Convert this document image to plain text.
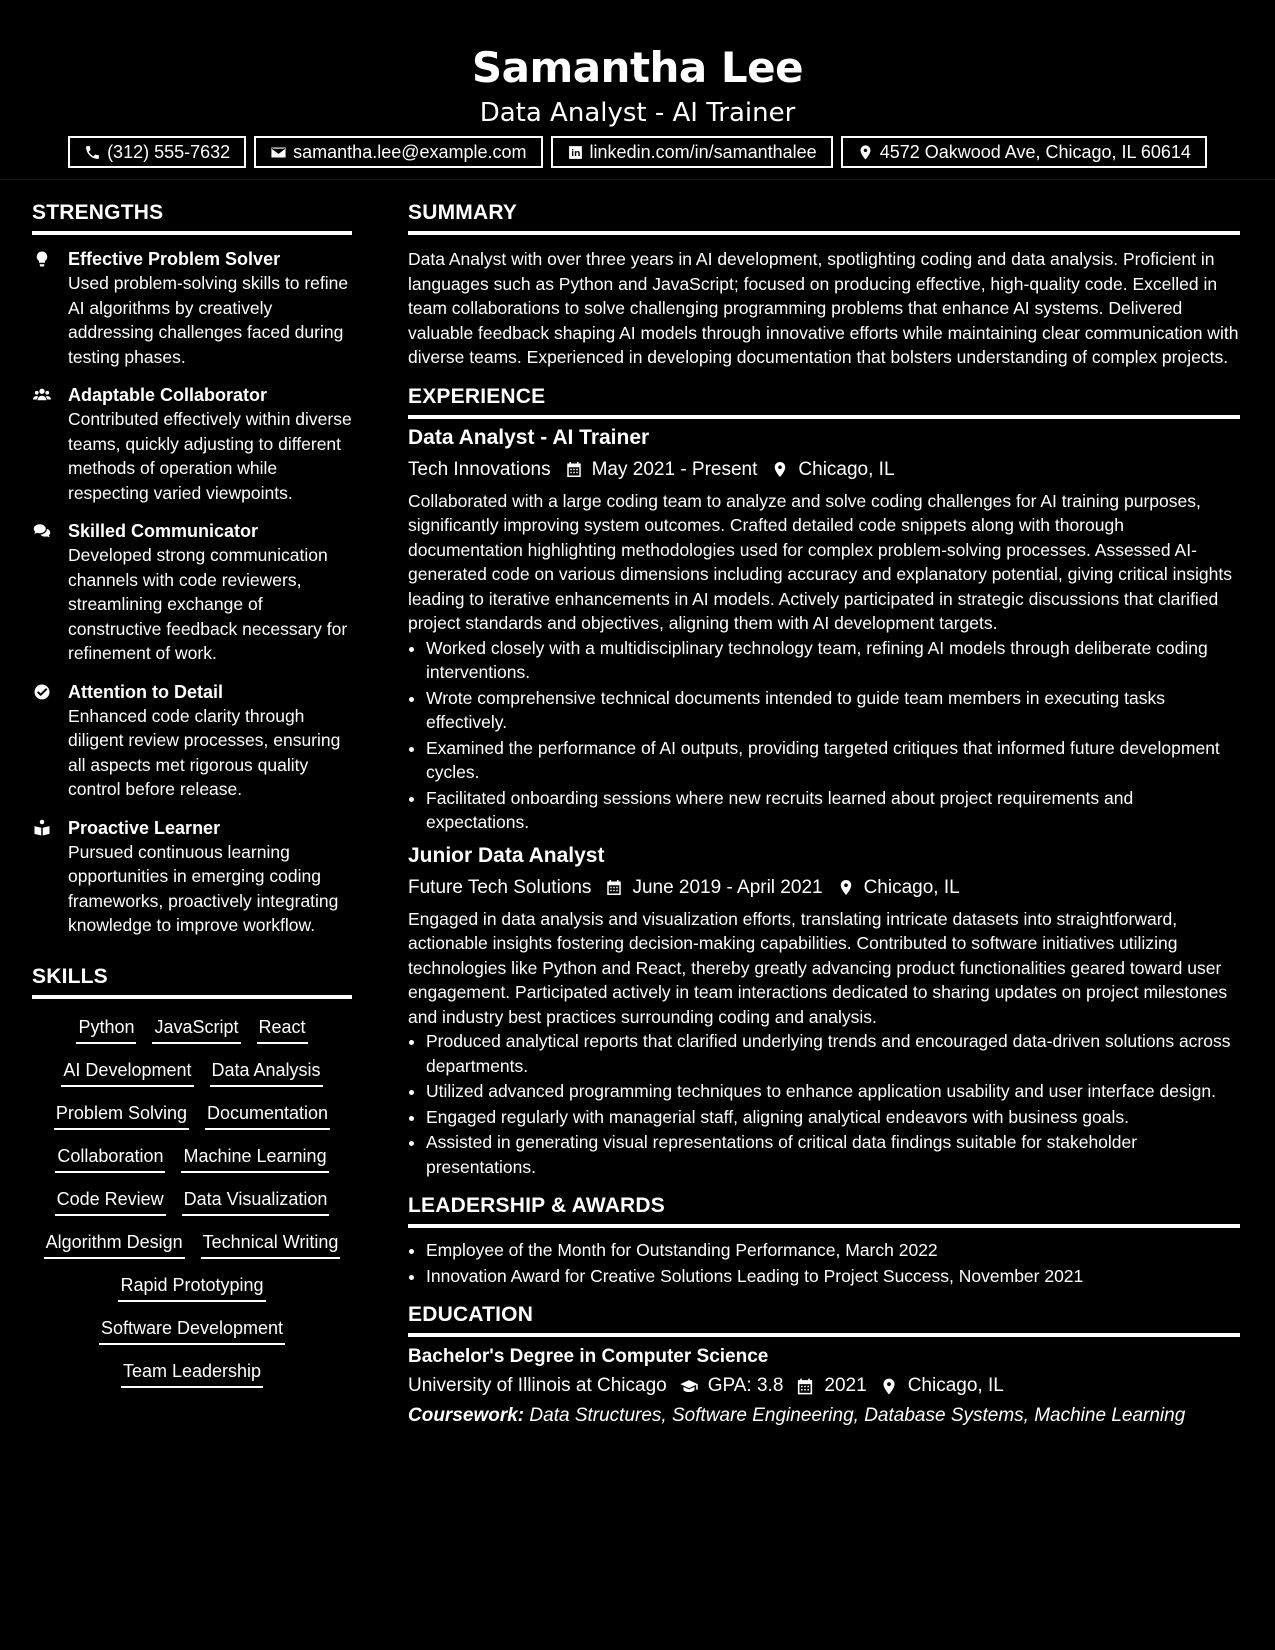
Samantha Lee
Data Analyst - AI Trainer
(312) 555-7632	samantha.lee@example.com	linkedin.com/in/samanthalee	4572 Oakwood Ave, Chicago, IL 60614
STRENGTHS
Effective Problem Solver
Used problem-solving skills to refine AI algorithms by creatively addressing challenges faced during testing phases.
Adaptable Collaborator
Contributed effectively within diverse teams, quickly adjusting to different methods of operation while respecting varied viewpoints.
Skilled Communicator
Developed strong communication channels with code reviewers, streamlining exchange of constructive feedback necessary for refinement of work.
Attention to Detail
Enhanced code clarity through diligent review processes, ensuring all aspects met rigorous quality control before release.
Proactive Learner
Pursued continuous learning opportunities in emerging coding frameworks, proactively integrating knowledge to improve workflow.
SKILLS
Python JavaScript React
AI Development Data Analysis
Problem Solving Documentation
Collaboration Machine Learning
Code Review Data Visualization
Algorithm Design Technical Writing
Rapid Prototyping
Software Development
Team Leadership
SUMMARY
Data Analyst with over three years in AI development, spotlighting coding and data analysis. Proficient in languages such as Python and JavaScript; focused on producing effective, high-quality code. Excelled in team collaborations to solve challenging programming problems that enhance AI systems. Delivered valuable feedback shaping AI models through innovative efforts while maintaining clear communication with diverse teams. Experienced in developing documentation that bolsters understanding of complex projects.
EXPERIENCE
Data Analyst - AI Trainer
Tech Innovations May 2021 - Present Chicago, IL
Collaborated with a large coding team to analyze and solve coding challenges for AI training purposes, significantly improving system outcomes. Crafted detailed code snippets along with thorough documentation highlighting methodologies used for complex problem-solving processes. Assessed AI-generated code on various dimensions including accuracy and explanatory potential, giving critical insights leading to iterative enhancements in AI models. Actively participated in strategic discussions that clarified project standards and objectives, aligning them with AI development targets.
• Worked closely with a multidisciplinary technology team, refining AI models through deliberate coding interventions.
• Wrote comprehensive technical documents intended to guide team members in executing tasks effectively.
• Examined the performance of AI outputs, providing targeted critiques that informed future development cycles.
• Facilitated onboarding sessions where new recruits learned about project requirements and expectations.
Junior Data Analyst
Future Tech Solutions June 2019 - April 2021 Chicago, IL
Engaged in data analysis and visualization efforts, translating intricate datasets into straightforward, actionable insights fostering decision-making capabilities. Contributed to software initiatives utilizing technologies like Python and React, thereby greatly advancing product functionalities geared toward user engagement. Participated actively in team interactions dedicated to sharing updates on project milestones and industry best practices surrounding coding and analysis.
• Produced analytical reports that clarified underlying trends and encouraged data-driven solutions across departments.
• Utilized advanced programming techniques to enhance application usability and user interface design.
• Engaged regularly with managerial staff, aligning analytical endeavors with business goals.
• Assisted in generating visual representations of critical data findings suitable for stakeholder presentations.
LEADERSHIP & AWARDS
• Employee of the Month for Outstanding Performance, March 2022
• Innovation Award for Creative Solutions Leading to Project Success, November 2021
EDUCATION
Bachelor's Degree in Computer Science
University of Illinois at Chicago GPA: 3.8 2021 Chicago, IL
Coursework: Data Structures, Software Engineering, Database Systems, Machine Learning
